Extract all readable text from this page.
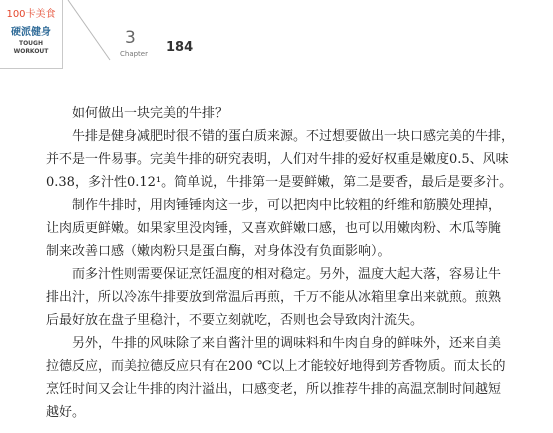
100卡美食
硬派健身
TOUGH
WORKOUT
3
Chapter 184
如何做出一块完美的牛排？
牛排是健身减肥时很不错的蛋白质来源。不过想要做出一块口感完美的牛排，
并不是一件易事。完美牛排的研究表明，人们对牛排的爱好权重是嫩度0.5、风味
0.38，多汁性0.12¹。简单说，牛排第一是要鲜嫩，第二是要香，最后是要多汁。
制作牛排时，用肉锤锤肉这一步，可以把肉中比较粗的纤维和筋膜处理掉，
让肉质更鲜嫩。如果家里没肉锤，又喜欢鲜嫩口感，也可以用嫩肉粉、木瓜等腌
制来改善口感（嫩肉粉只是蛋白酶，对身体没有负面影响）。
而多汁性则需要保证烹饪温度的相对稳定。另外，温度大起大落，容易让牛
排出汁，所以冷冻牛排要放到常温后再煎，千万不能从冰箱里拿出来就煎。煎熟
后最好放在盘子里稳汁，不要立刻就吃，否则也会导致肉汁流失。
另外，牛排的风味除了来自酱汁里的调味料和牛肉自身的鲜味外，还来自美
拉德反应，而美拉德反应只有在200 ℃以上才能较好地得到芳香物质。而太长的
烹饪时间又会让牛排的肉汁溢出，口感变老，所以推荐牛排的高温烹制时间越短
越好。
